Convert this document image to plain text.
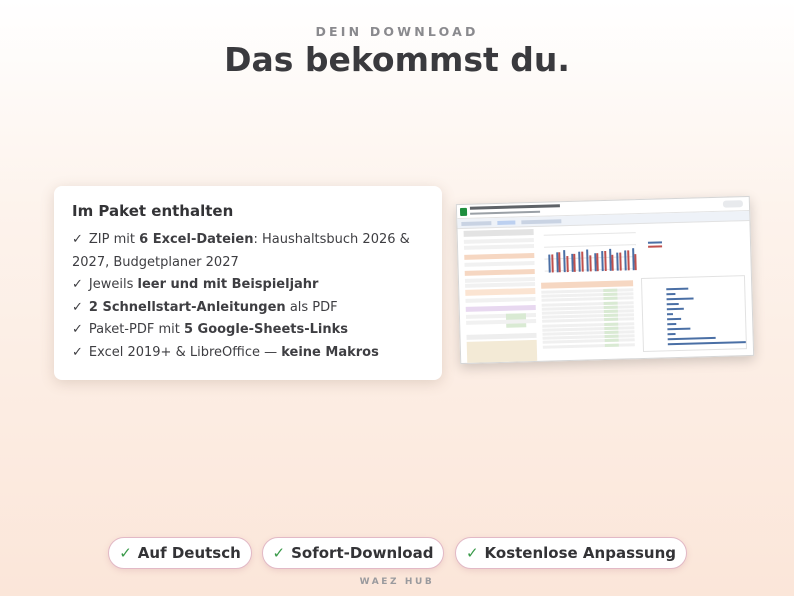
DEIN DOWNLOAD
Das bekommst du.
Im Paket enthalten
✓ ZIP mit 6 Excel-Dateien: Haushaltsbuch 2026 & 2027, Budgetplaner 2027
✓ Jeweils leer und mit Beispieljahr
✓ 2 Schnellstart-Anleitungen als PDF
✓ Paket-PDF mit 5 Google-Sheets-Links
✓ Excel 2019+ & LibreOffice — keine Makros
✓ Auf Deutsch ✓ Sofort-Download ✓ Kostenlose Anpassung
WAEZ HUB
